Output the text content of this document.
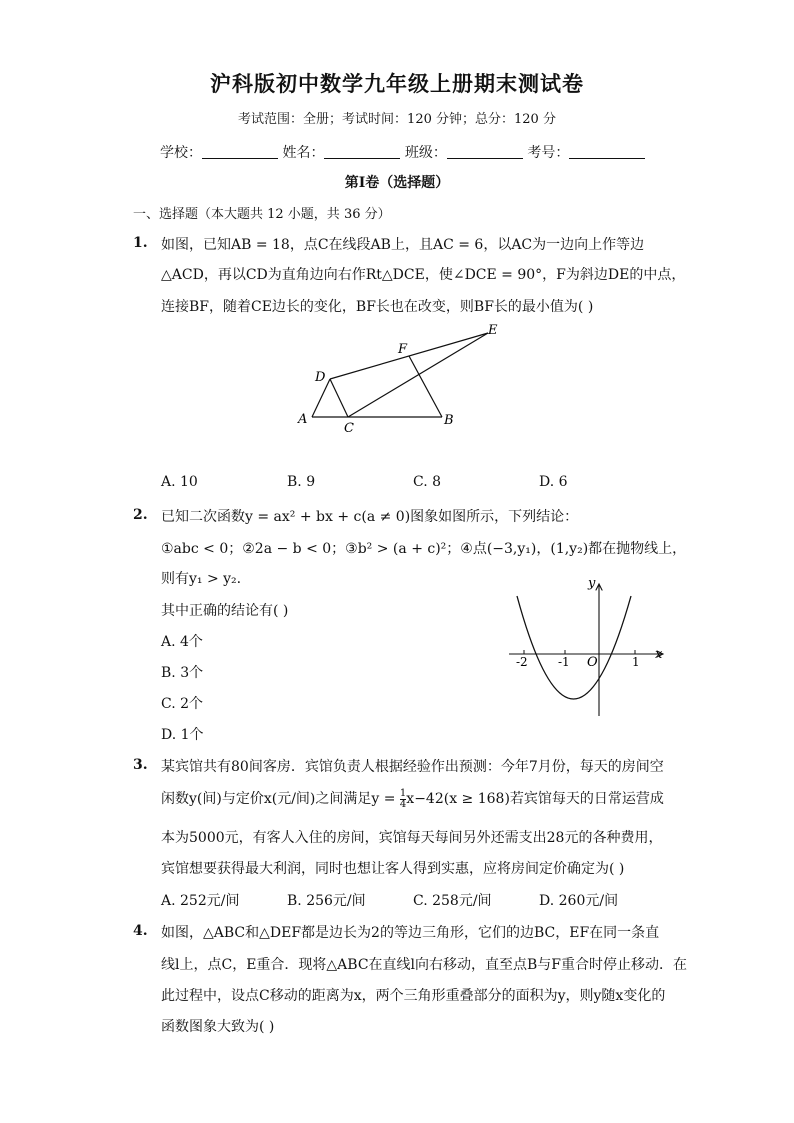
沪科版初中数学九年级上册期末测试卷
考试范围：全册；考试时间：120 分钟；总分：120 分
学校：	姓名：	班级：	考号：
第I卷（选择题）
一、选择题（本大题共 12 小题，共 36 分）
1. 如图，已知AB = 18，点C在线段AB上，且AC = 6，以AC为一边向上作等边
△ACD，再以CD为直角边向右作Rt△DCE，使∠DCE = 90°，F为斜边DE的中点，
连接BF，随着CE边长的变化，BF长也在改变，则BF长的最小值为( )
E
F
D
A
C
B
A. 10	B. 9	C. 8	D. 6
2. 已知二次函数y = ax² + bx + c(a ≠ 0)图象如图所示，下列结论：
①abc < 0；②2a − b < 0；③b² > (a + c)²；④点(−3,y₁)，(1,y₂)都在抛物线上，
则有y₁ > y₂.
其中正确的结论有( )
y
x
O
-2	-1	1
A. 4个
B. 3个
C. 2个
D. 1个
3. 某宾馆共有80间客房．宾馆负责人根据经验作出预测：今年7月份，每天的房间空
闲数y(间)与定价x(元/间)之间满足$y = \frac{1}{4} x-42(x \ge 168)$若宾馆每天的日常运营成
本为5000元，有客人入住的房间，宾馆每天每间另外还需支出28元的各种费用，
宾馆想要获得最大利润，同时也想让客人得到实惠，应将房间定价确定为( )
A. 252元/间	B. 256元/间	C. 258元/间	D. 260元/间
4. 如图，△ABC和△DEF都是边长为2的等边三角形，它们的边BC，EF在同一条直
线l上，点C，E重合．现将△ABC在直线l向右移动，直至点B与F重合时停止移动．在
此过程中，设点C移动的距离为x，两个三角形重叠部分的面积为y，则y随x变化的
函数图象大致为( )
